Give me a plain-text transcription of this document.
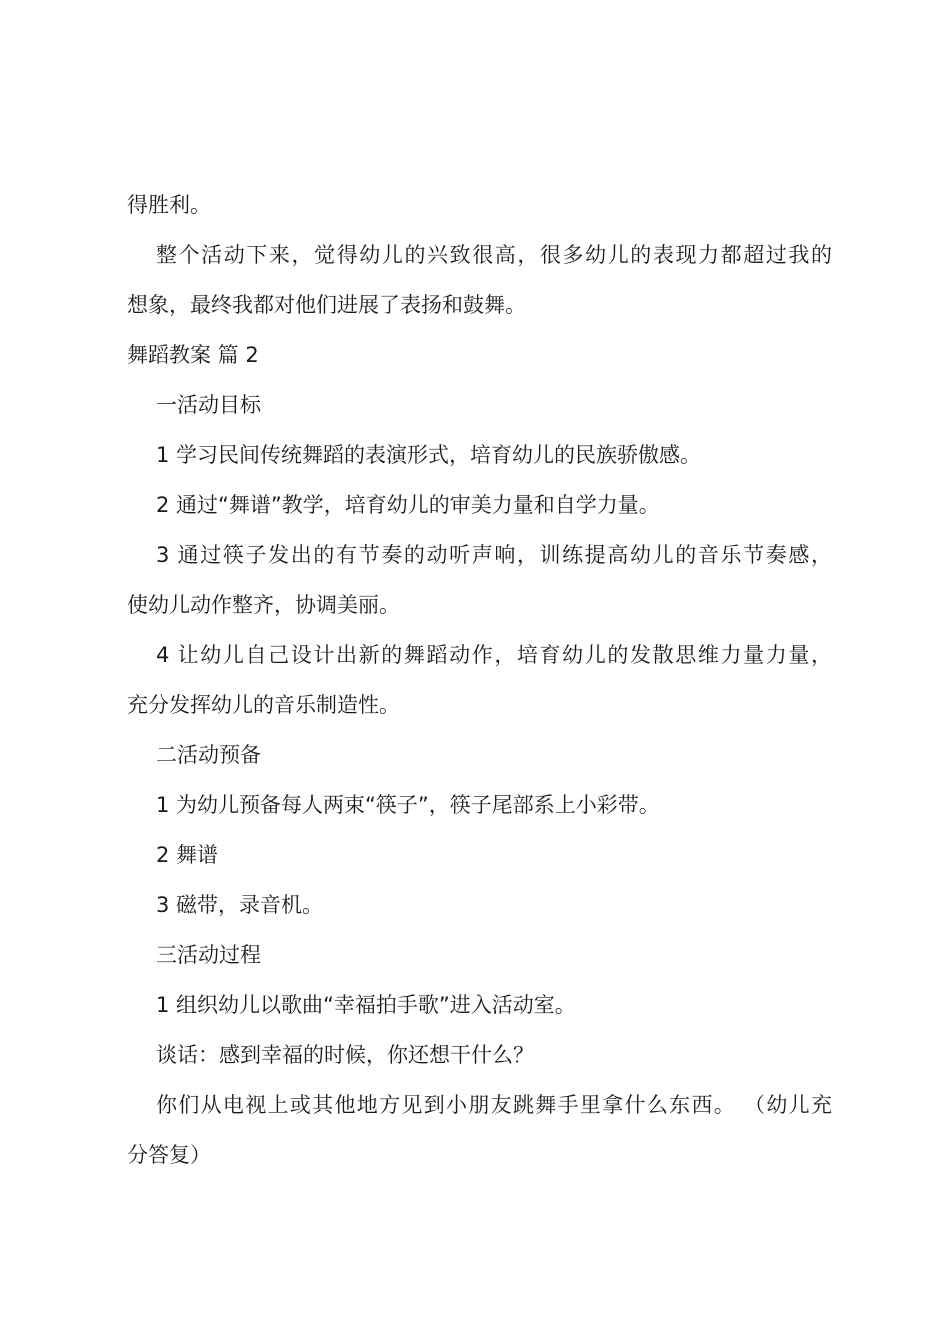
得胜利。
整个活动下来，觉得幼儿的兴致很高，很多幼儿的表现力都超过我的
想象，最终我都对他们进展了表扬和鼓舞。
舞蹈教案 篇 2
一活动目标
1 学习民间传统舞蹈的表演形式，培育幼儿的民族骄傲感。
2 通过“舞谱”教学，培育幼儿的审美力量和自学力量。
3 通过筷子发出的有节奏的动听声响，训练提高幼儿的音乐节奏感，
使幼儿动作整齐，协调美丽。
4 让幼儿自己设计出新的舞蹈动作，培育幼儿的发散思维力量力量，
充分发挥幼儿的音乐制造性。
二活动预备
1 为幼儿预备每人两束“筷子”，筷子尾部系上小彩带。
2 舞谱
3 磁带，录音机。
三活动过程
1 组织幼儿以歌曲“幸福拍手歌”进入活动室。
谈话：感到幸福的时候，你还想干什么？
你们从电视上或其他地方见到小朋友跳舞手里拿什么东西。 （幼儿充
分答复）
